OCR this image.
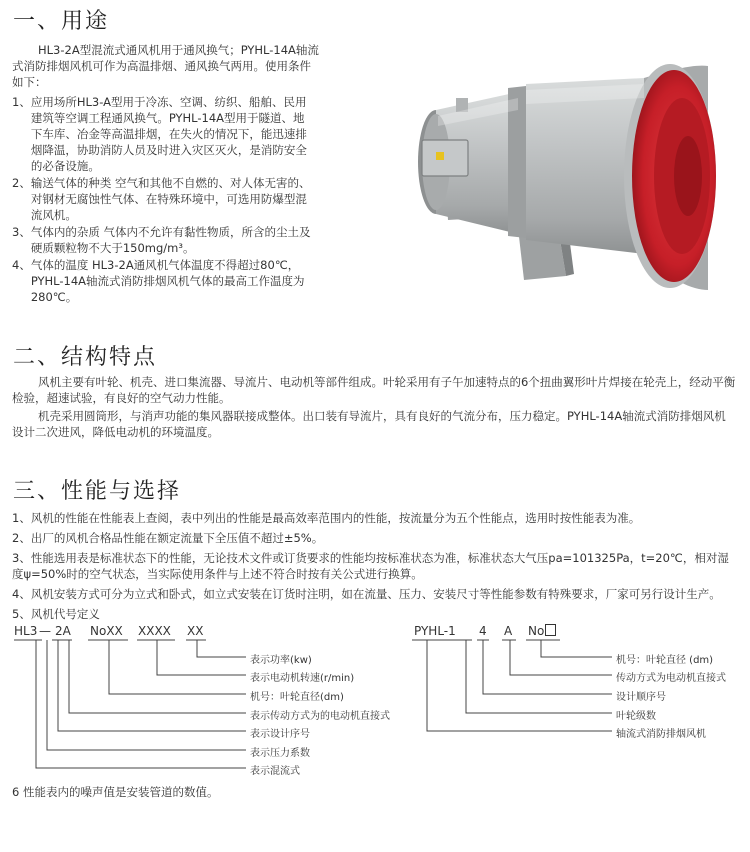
一、用途
HL3-2A型混流式通风机用于通风换气；PYHL-14A轴流式消防排烟风机可作为高温排烟、通风换气两用。使用条件如下：
1、 应用场所HL3-A型用于冷冻、空调、纺织、船舶、民用建筑等空调工程通风换气。PYHL-14A型用于隧道、地下车库、冶金等高温排烟，在失火的情况下，能迅速排烟降温，协助消防人员及时进入灾区灭火，是消防安全的必备设施。
2、 输送气体的种类 空气和其他不自燃的、对人体无害的、对钢材无腐蚀性气体、在特殊环境中，可选用防爆型混流风机。
3、 气体内的杂质 气体内不允许有黏性物质，所含的尘土及硬质颗粒物不大于150mg/m³。
4、 气体的温度 HL3-2A通风机气体温度不得超过80℃，PYHL-14A轴流式消防排烟风机气体的最高工作温度为280℃。
二、结构特点
风机主要有叶轮、机壳、进口集流器、导流片、电动机等部件组成。叶轮采用有子午加速特点的6个扭曲翼形叶片焊接在轮壳上，经动平衡检验，超速试验，有良好的空气动力性能。
机壳采用圆筒形，与消声功能的集风器联接成整体。出口装有导流片，具有良好的气流分布，压力稳定。PYHL-14A轴流式消防排烟风机设计二次进风，降低电动机的环境温度。
三、性能与选择
1、风机的性能在性能表上查阅，表中列出的性能是最高效率范围内的性能，按流量分为五个性能点，选用时按性能表为准。
2、出厂的风机合格品性能在额定流量下全压值不超过±5%。
3、性能选用表是标准状态下的性能，无论技术文件或订货要求的性能均按标准状态为准，标准状态大气压pa=101325Pa，t=20℃，相对湿度ψ=50%时的空气状态，当实际使用条件与上述不符合时按有关公式进行换算。
4、风机安装方式可分为立式和卧式，如立式安装在订货时注明，如在流量、压力、安装尺寸等性能参数有特殊要求，厂家可另行设计生产。
5、风机代号定义
HL3 — 2A NoXX XXXX XX
表示功率(kw)
表示电动机转速(r/min)
机号：叶轮直径(dm)
表示传动方式为的电动机直接式
表示设计序号
表示压力系数
表示混流式
PYHL-1 4 A No
机号：叶轮直径 (dm)
传动方式为电动机直接式
设计顺序号
叶轮级数
轴流式消防排烟风机
6 性能表内的噪声值是安装管道的数值。
